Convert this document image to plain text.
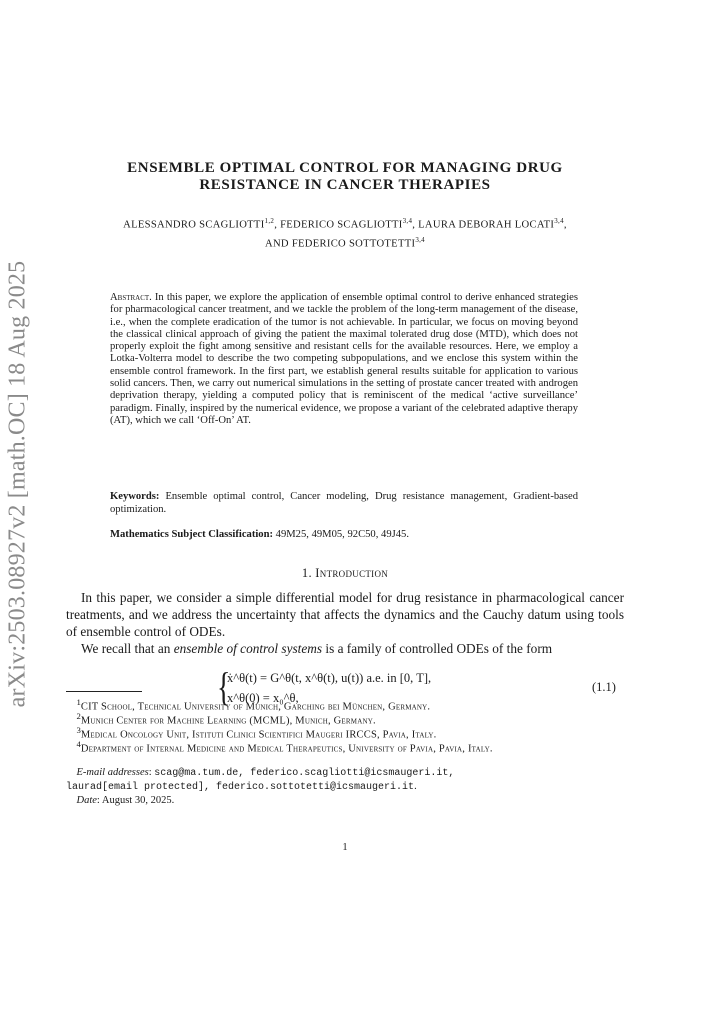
arXiv:2503.08927v2 [math.OC] 18 Aug 2025
ENSEMBLE OPTIMAL CONTROL FOR MANAGING DRUG
RESISTANCE IN CANCER THERAPIES
ALESSANDRO SCAGLIOTTI$^{1,2}$, FEDERICO SCAGLIOTTI$^{3,4}$, LAURA DEBORAH LOCATI$^{3,4}$,
AND FEDERICO SOTTOTETTI$^{3,4}$
Abstract. In this paper, we explore the application of ensemble optimal control to derive enhanced strategies for pharmacological cancer treatment, and we tackle the problem of the long-term management of the disease, i.e., when the complete eradication of the tumor is not achievable. In particular, we focus on moving beyond the classical clinical approach of giving the patient the maximal tolerated drug dose (MTD), which does not properly exploit the fight among sensitive and resistant cells for the available resources. Here, we employ a Lotka-Volterra model to describe the two competing subpopulations, and we enclose this system within the ensemble control framework. In the first part, we establish general results suitable for application to various solid cancers. Then, we carry out numerical simulations in the setting of prostate cancer treated with androgen deprivation therapy, yielding a computed policy that is reminiscent of the medical ‘active surveillance’ paradigm. Finally, inspired by the numerical evidence, we propose a variant of the celebrated adaptive therapy (AT), which we call ‘Off-On’ AT.
Keywords: Ensemble optimal control, Cancer modeling, Drug resistance management, Gradient-based optimization.
Mathematics Subject Classification: 49M25, 49M05, 92C50, 49J45.
1. Introduction
In this paper, we consider a simple differential model for drug resistance in pharmacological cancer treatments, and we address the uncertainty that affects the dynamics and the Cauchy datum using tools of ensemble control of ODEs.
We recall that an ensemble of control systems is a family of controlled ODEs of the form
{
ẋ^θ(t) = G^θ(t, x^θ(t), u(t)) a.e. in [0, T],
x^θ(0) = x₀^θ,
(1.1)
$^1$CIT School, Technical University of Munich, Garching bei München, Germany.
$^2$Munich Center for Machine Learning (MCML), Munich, Germany.
$^3$Medical Oncology Unit, Istituti Clinici Scientifici Maugeri IRCCS, Pavia, Italy.
$^4$Department of Internal Medicine and Medical Therapeutics, University of Pavia, Pavia, Italy.
E-mail addresses: scag@ma.tum.de, federico.scagliotti@icsmaugeri.it,
laurad[email protected], federico.sottotetti@icsmaugeri.it.
Date: August 30, 2025.
1
